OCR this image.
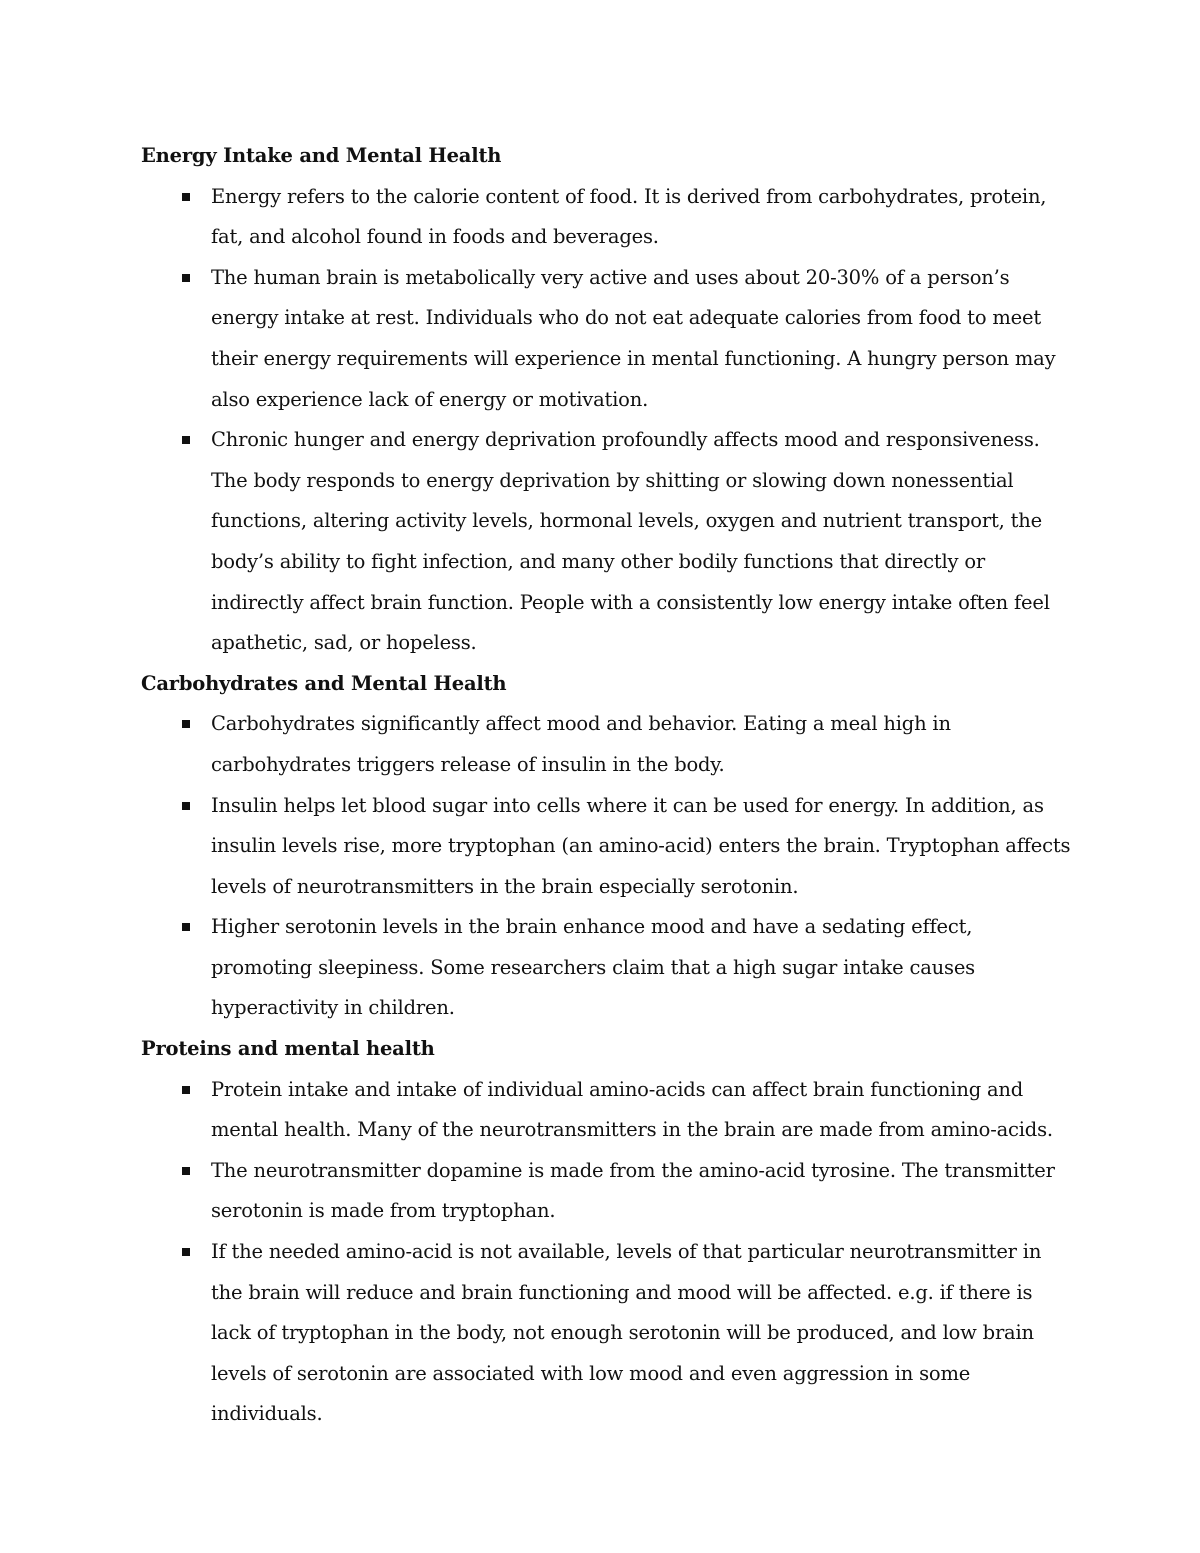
Energy Intake and Mental Health
Energy refers to the calorie content of food. It is derived from carbohydrates, protein, fat, and alcohol found in foods and beverages.
The human brain is metabolically very active and uses about 20-30% of a person’s energy intake at rest. Individuals who do not eat adequate calories from food to meet their energy requirements will experience in mental functioning. A hungry person may also experience lack of energy or motivation.
Chronic hunger and energy deprivation profoundly affects mood and responsiveness. The body responds to energy deprivation by shitting or slowing down nonessential functions, altering activity levels, hormonal levels, oxygen and nutrient transport, the body’s ability to fight infection, and many other bodily functions that directly or indirectly affect brain function. People with a consistently low energy intake often feel apathetic, sad, or hopeless.
Carbohydrates and Mental Health
Carbohydrates significantly affect mood and behavior. Eating a meal high in carbohydrates triggers release of insulin in the body.
Insulin helps let blood sugar into cells where it can be used for energy. In addition, as insulin levels rise, more tryptophan (an amino-acid) enters the brain. Tryptophan affects levels of neurotransmitters in the brain especially serotonin.
Higher serotonin levels in the brain enhance mood and have a sedating effect, promoting sleepiness. Some researchers claim that a high sugar intake causes hyperactivity in children.
Proteins and mental health
Protein intake and intake of individual amino-acids can affect brain functioning and mental health. Many of the neurotransmitters in the brain are made from amino-acids.
The neurotransmitter dopamine is made from the amino-acid tyrosine. The transmitter serotonin is made from tryptophan.
If the needed amino-acid is not available, levels of that particular neurotransmitter in the brain will reduce and brain functioning and mood will be affected. e.g. if there is lack of tryptophan in the body, not enough serotonin will be produced, and low brain levels of serotonin are associated with low mood and even aggression in some individuals.
